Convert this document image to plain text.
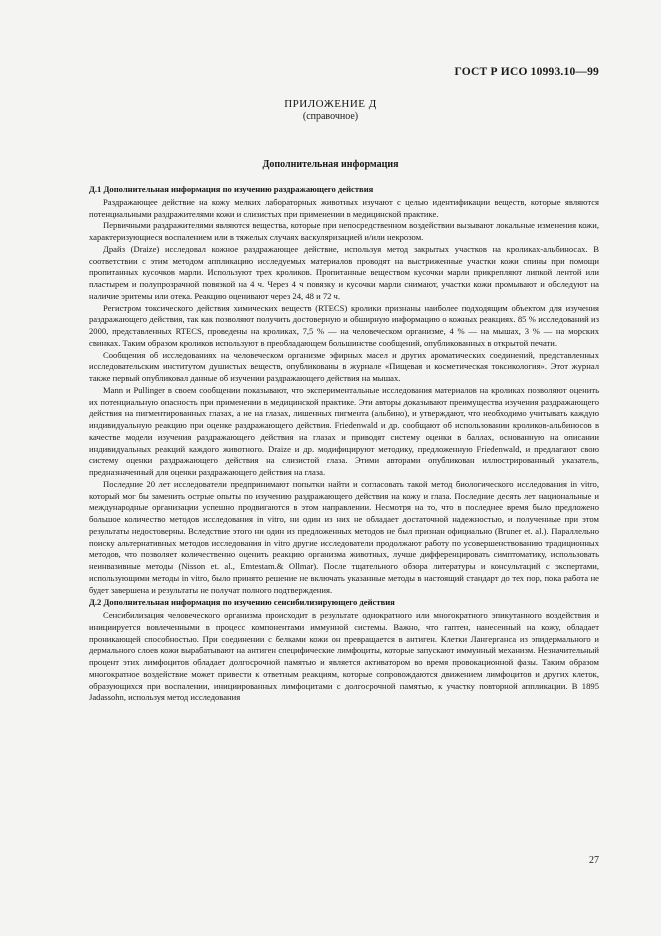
ГОСТ Р ИСО 10993.10—99
ПРИЛОЖЕНИЕ Д
(справочное)
Дополнительная информация
Д.1 Дополнительная информация по изучению раздражающего действия

Раздражающее действие на кожу мелких лабораторных животных изучают с целью идентификации веществ, которые являются потенциальными раздражителями кожи и слизистых при применении в медицинской практике.

Первичными раздражителями являются вещества, которые при непосредственном воздействии вызывают локальные изменения кожи, характеризующиеся воспалением или в тяжелых случаях васкуляризацией и/или некрозом.

Драйз (Draize) исследовал кожное раздражающее действие, используя метод закрытых участков на кроликах-альбиносах. В соответствии с этим методом аппликацию исследуемых материалов проводят на выстриженные участки кожи спины при помощи пропитанных кусочков марли. Используют трех кроликов. Пропитанные веществом кусочки марли прикрепляют липкой лентой или пластырем и полупрозрачной повязкой на 4 ч. Через 4 ч повязку и кусочки марли снимают, участки кожи промывают и обследуют на наличие эритемы или отека. Реакцию оценивают через 24, 48 и 72 ч.

Регистром токсического действия химических веществ (RTECS) кролики признаны наиболее подходящим объектом для изучения раздражающего действия, так как позволяют получить достоверную и обширную информацию о кожных реакциях. 85 % исследований из 2000, представленных RTECS, проведены на кроликах, 7,5 % — на человеческом организме, 4 % — на мышах, 3 % — на морских свинках. Таким образом кроликов используют в преобладающем большинстве сообщений, опубликованных в открытой печати.

Сообщения об исследованиях на человеческом организме эфирных масел и других ароматических соединений, представленных исследовательским институтом душистых веществ, опубликованы в журнале «Пищевая и косметическая токсикология». Этот журнал также первый опубликовал данные об изучении раздражающего действия на мышах.

Mann и Pullinger в своем сообщении показывают, что экспериментальные исследования материалов на кроликах позволяют оценить их потенциальную опасность при применении в медицинской практике. Эти авторы доказывают преимущества изучения раздражающего действия на пигментированных глазах, а не на глазах, лишенных пигмента (альбино), и утверждают, что необходимо учитывать каждую индивидуальную реакцию при оценке раздражающего действия. Friedenwald и др. сообщают об использовании кроликов-альбиносов в качестве модели изучения раздражающего действия на глазах и приводят систему оценки в баллах, основанную на описании индивидуальных реакций каждого животного. Draize и др. модифицируют методику, предложенную Friedenwald, и предлагают свою систему оценки раздражающего действия на слизистой глаза. Этими авторами опубликован иллюстрированный указатель, предназначенный для оценки раздражающего действия на глаза.

Последние 20 лет исследователи предпринимают попытки найти и согласовать такой метод биологического исследования in vitro, который мог бы заменить острые опыты по изучению раздражающего действия на кожу и глаза. Последние десять лет национальные и международные организации успешно продвигаются в этом направлении. Несмотря на то, что в последнее время было предложено большое количество методов исследования in vitro, ни один из них не обладает достаточной надежностью, и полученные при этом результаты недостоверны. Вследствие этого ни один из предложенных методов не был признан официально (Bruner et. al.). Параллельно поиску альтернативных методов исследования in vitro другие исследователи продолжают работу по усовершенствованию традиционных методов, что позволяет количественно оценить реакцию организма животных, лучше дифференцировать симптоматику, использовать неинвазивные методы (Nisson et. al., Emtestam.& Ollmar). После тщательного обзора литературы и консультаций с экспертами, использующими методы in vitro, было принято решение не включать указанные методы в настоящий стандарт до тех пор, пока работа не будет завершена и результаты не получат полного подтверждения.

Д.2 Дополнительная информация по изучению сенсибилизирующего действия

Сенсибилизация человеческого организма происходит в результате однократного или многократного эпикутанного воздействия и инициируется вовлеченными в процесс компонентами иммунной системы. Важно, что гаптен, нанесенный на кожу, обладает проникающей способностью. При соединении с белками кожи он превращается в антиген. Клетки Лангерганса из эпидермального и дермального слоев кожи вырабатывают на антиген специфические лимфоциты, которые запускают иммунный механизм. Незначительный процент этих лимфоцитов обладает долгосрочной памятью и является активатором во время провокационной фазы. Таким образом многократное воздействие может привести к ответным реакциям, которые сопровождаются движением лимфоцитов и других клеток, образующихся при воспалении, инициированных лимфоцитами с долгосрочной памятью, к участку повторной аппликации. В 1895 Jadassohn, используя метод исследования

27
